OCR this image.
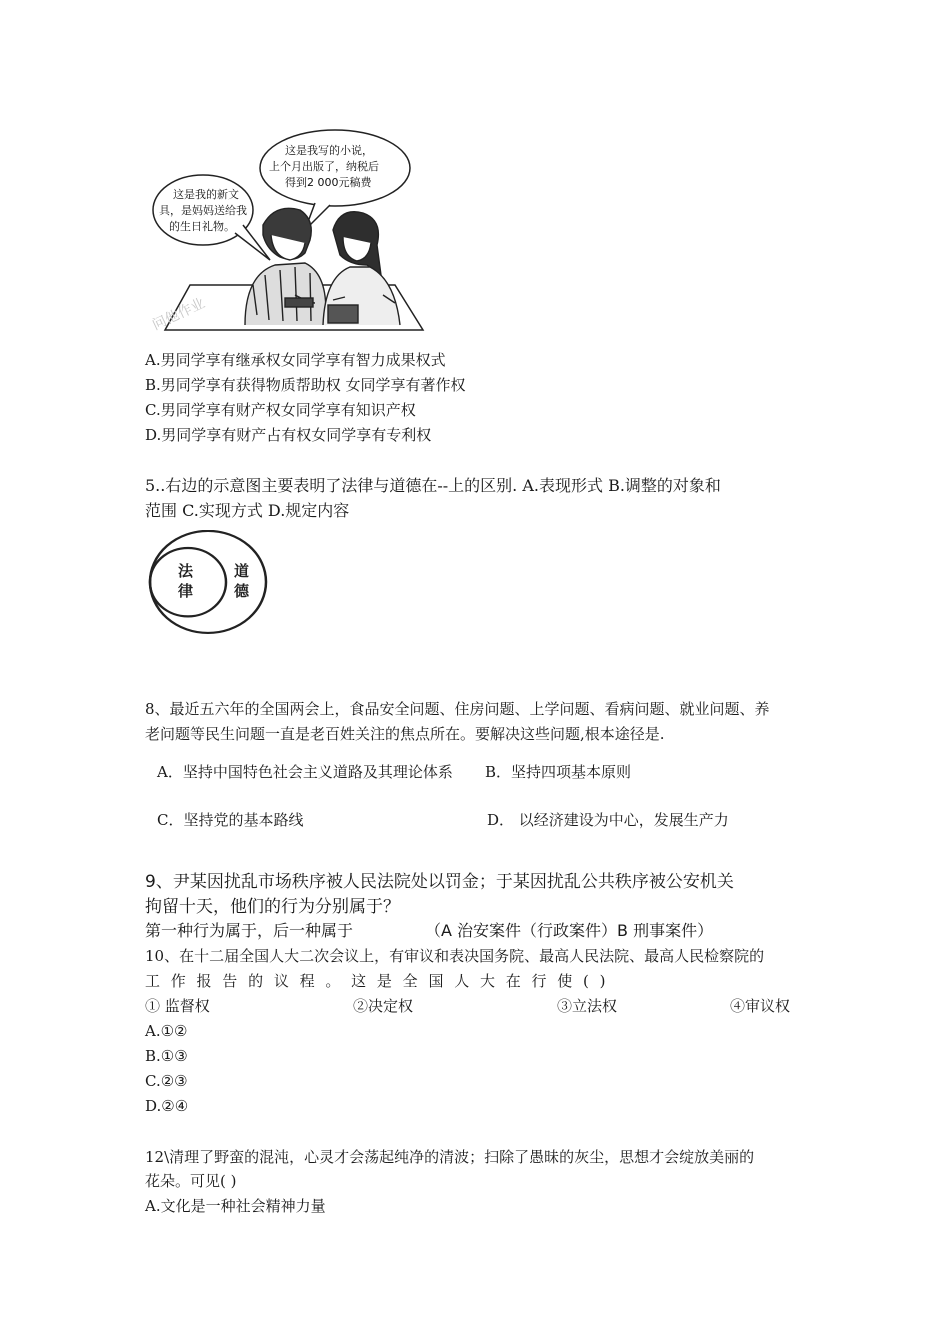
这是我的新文
具，是妈妈送给我
的生日礼物。
这是我写的小说，
上个月出版了，纳税后
得到2 000元稿费
问他作业
A.男同学享有继承权女同学享有智力成果权式
B.男同学享有获得物质帮助权 女同学享有著作权
C.男同学享有财产权女同学享有知识产权
D.男同学享有财产占有权女同学享有专利权
5..右边的示意图主要表明了法律与道德在--上的区别. A.表现形式 B.调整的对象和
范围 C.实现方式 D.规定内容
法
律
道
德
8、最近五六年的全国两会上，食品安全问题、住房问题、上学问题、看病问题、就业问题、养
老问题等民生问题一直是老百姓关注的焦点所在。要解决这些问题,根本途径是.
A．坚持中国特色社会主义道路及其理论体系 B．坚持四项基本原则
C．坚持党的基本路线	D． 以经济建设为中心，发展生产力
9、尹某因扰乱市场秩序被人民法院处以罚金；于某因扰乱公共秩序被公安机关
拘留十天，他们的行为分别属于？
第一种行为属于，后一种属于	（A 治安案件（行政案件）B 刑事案件）
10、在十二届全国人大二次会议上，有审议和表决国务院、最高人民法院、最高人民检察院的
工 作 报 告 的 议 程 。 这 是 全 国 人 大 在 行 使 ( )
① 监督权	②决定权	③立法权	④审议权
A.①②
B.①③
C.②③
D.②④
12\清理了野蛮的混沌，心灵才会荡起纯净的清波；扫除了愚昧的灰尘，思想才会绽放美丽的
花朵。可见( )
A.文化是一种社会精神力量
